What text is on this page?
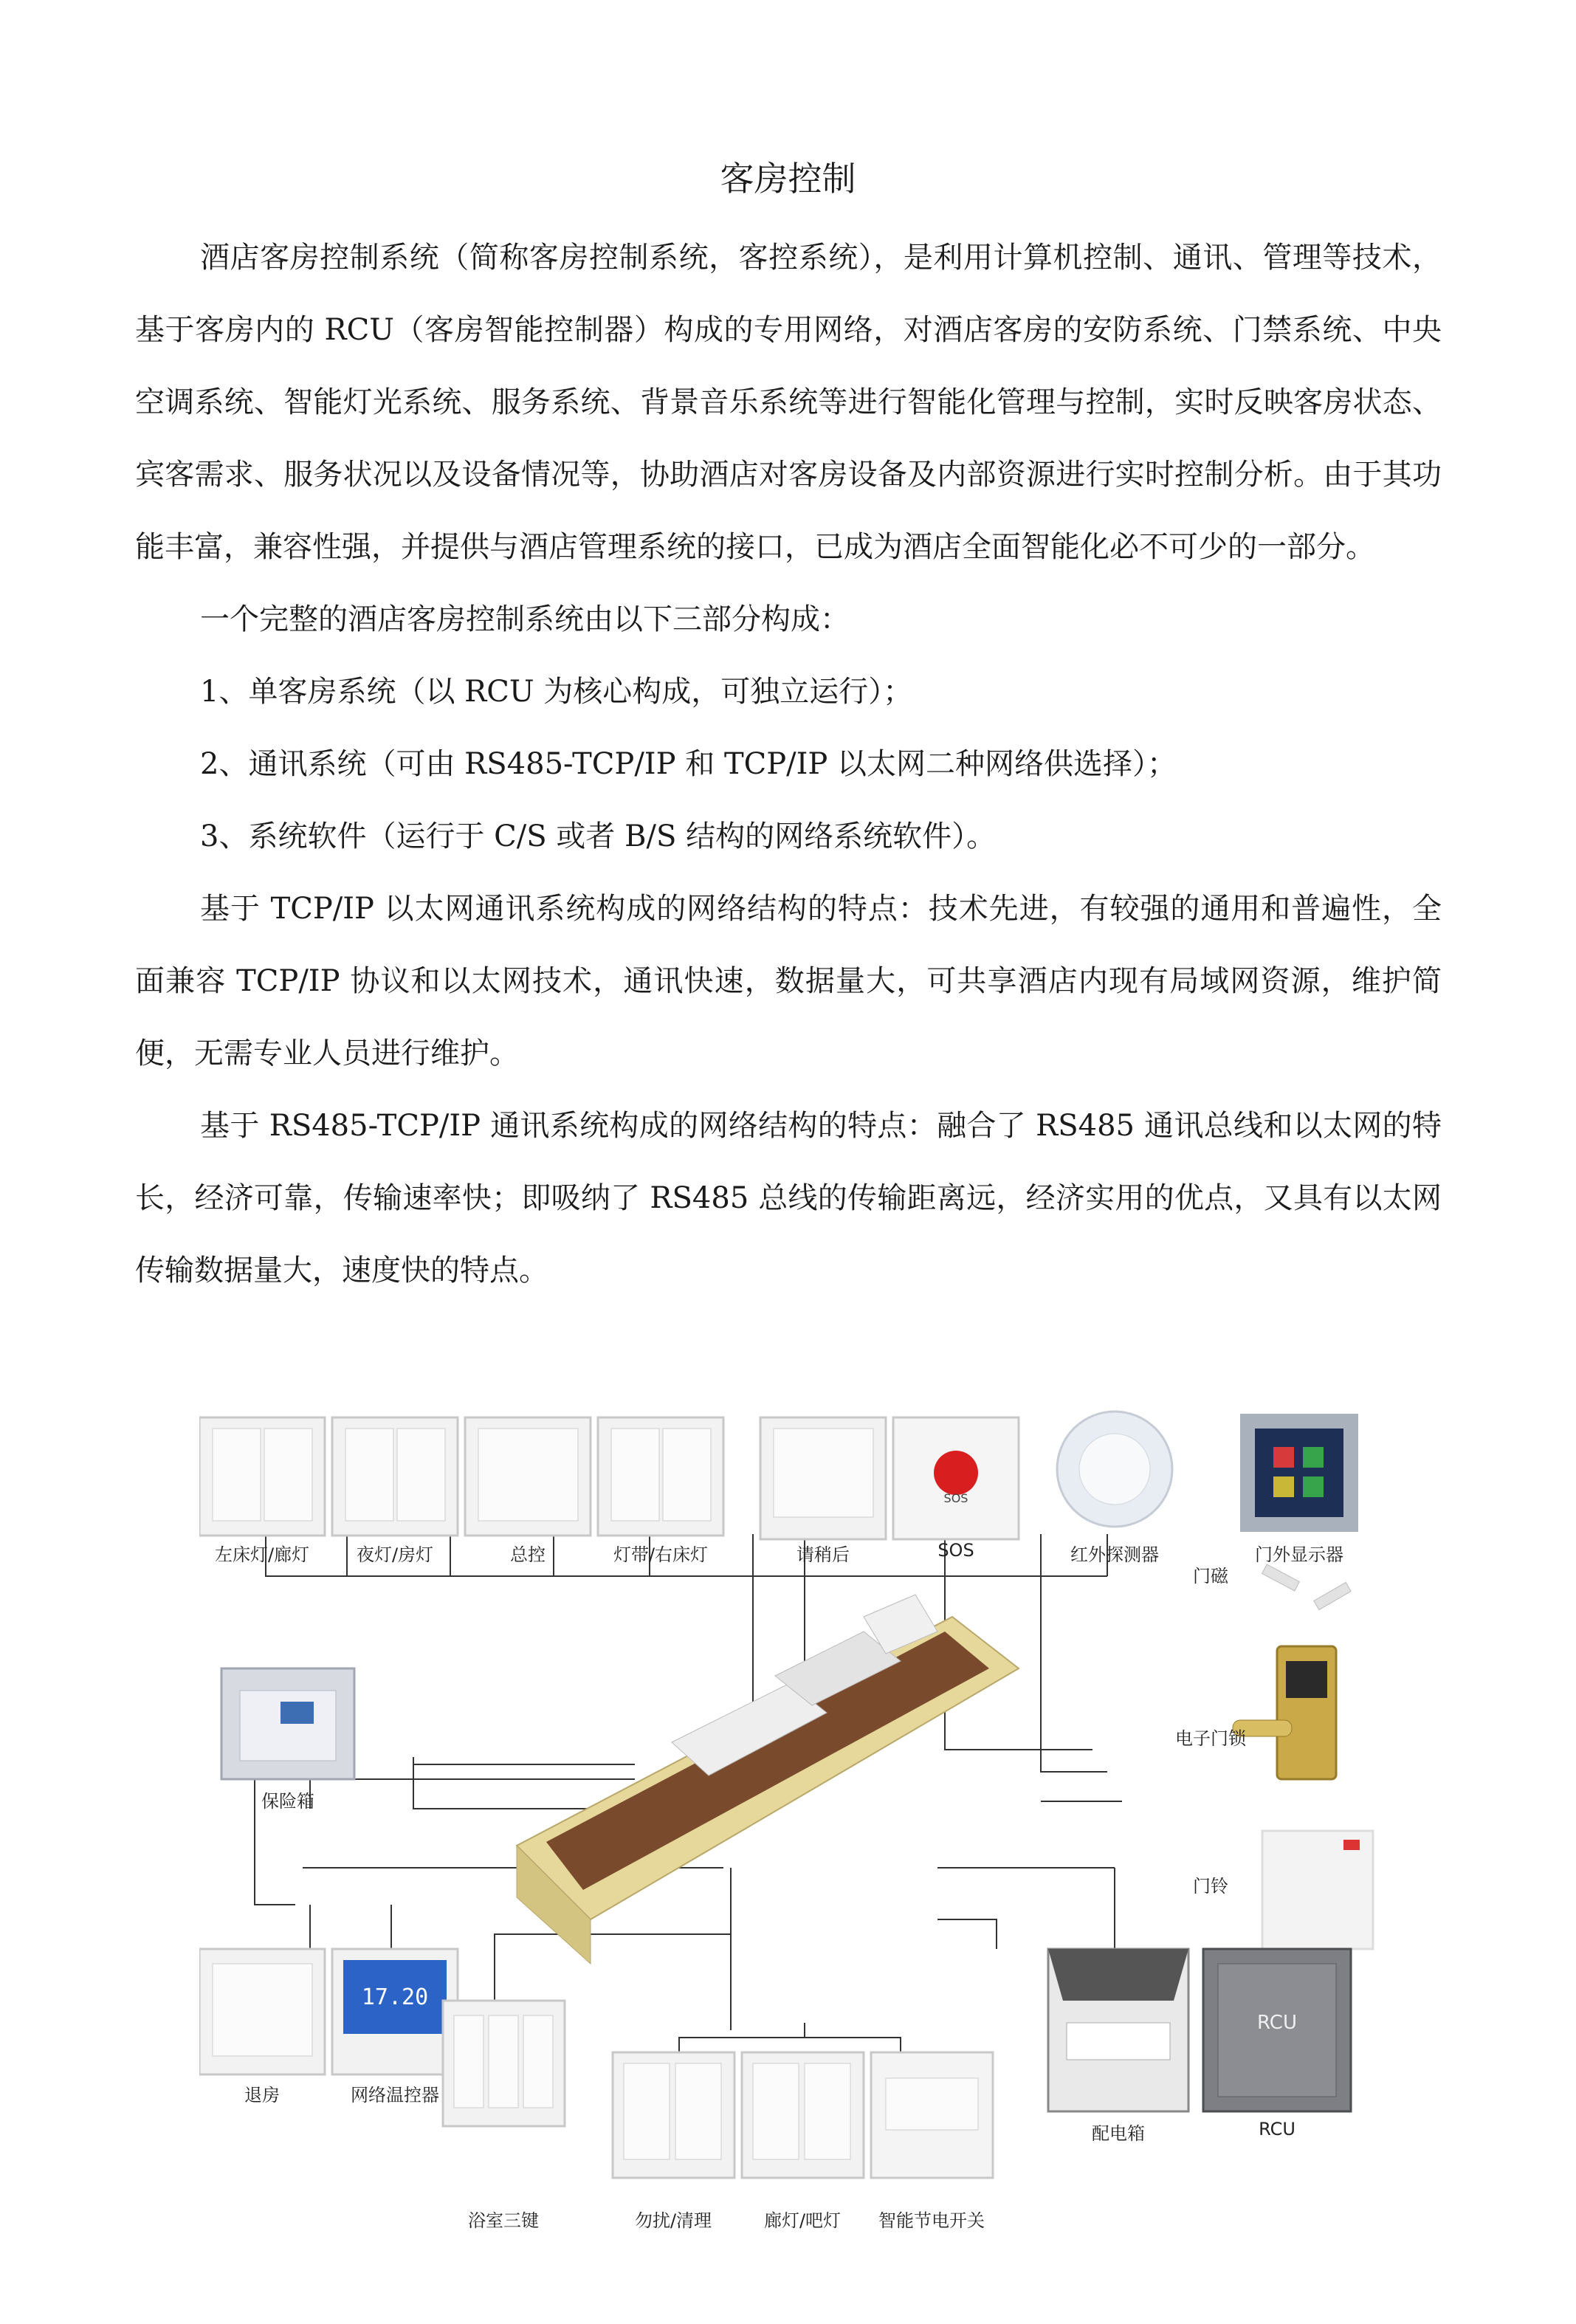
客房控制

酒店客房控制系统（简称客房控制系统，客控系统），是利用计算机控制、通讯、管理等技术，基于客房内的 RCU（客房智能控制器）构成的专用网络，对酒店客房的安防系统、门禁系统、中央空调系统、智能灯光系统、服务系统、背景音乐系统等进行智能化管理与控制，实时反映客房状态、宾客需求、服务状况以及设备情况等，协助酒店对客房设备及内部资源进行实时控制分析。由于其功能丰富，兼容性强，并提供与酒店管理系统的接口，已成为酒店全面智能化必不可少的一部分。

一个完整的酒店客房控制系统由以下三部分构成：

1、单客房系统（以 RCU 为核心构成，可独立运行）；

2、通讯系统（可由 RS485-TCP/IP 和 TCP/IP 以太网二种网络供选择）；

3、系统软件（运行于 C/S 或者 B/S 结构的网络系统软件）。

基于 TCP/IP 以太网通讯系统构成的网络结构的特点：技术先进，有较强的通用和普遍性，全面兼容 TCP/IP 协议和以太网技术，通讯快速，数据量大，可共享酒店内现有局域网资源，维护简便，无需专业人员进行维护。

基于 RS485-TCP/IP 通讯系统构成的网络结构的特点：融合了 RS485 通讯总线和以太网的特长，经济可靠，传输速率快；即吸纳了 RS485 总线的传输距离远，经济实用的优点，又具有以太网传输数据量大，速度快的特点。

SOS
17.20
RCU
左床灯/廊灯	夜灯/房灯	总控	灯带/右床灯	请稍后	SOS	红外探测器	门外显示器
门磁
电子门锁
门铃
保险箱
退房	网络温控器
浴室三键	勿扰/清理	廊灯/吧灯 智能节电开关
配电箱	RCU
